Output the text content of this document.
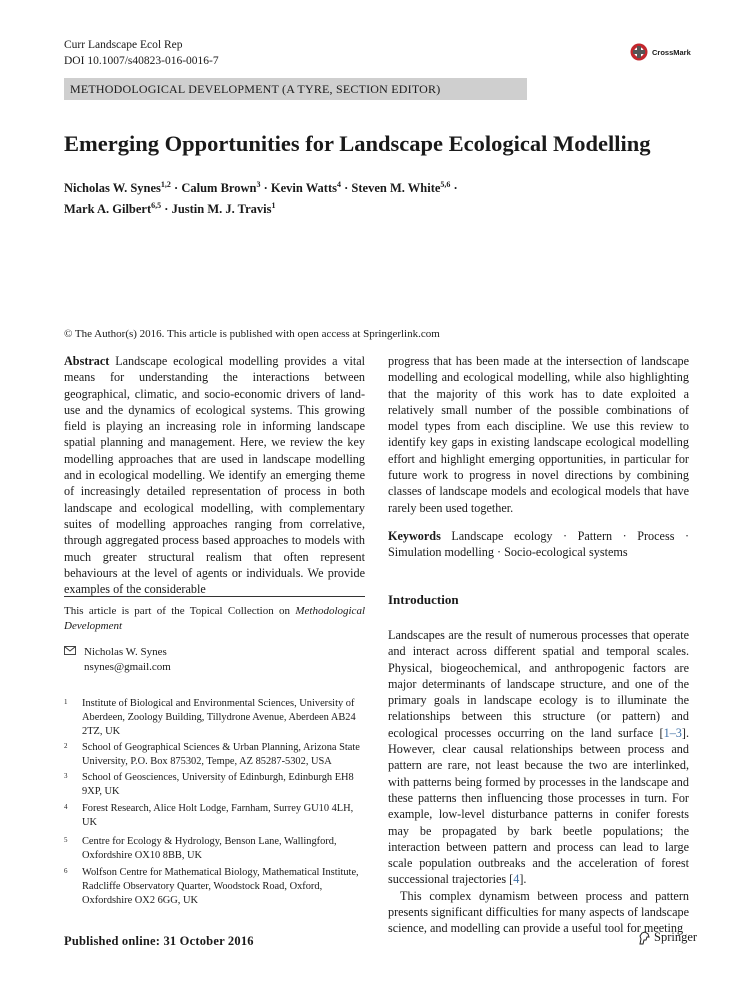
Curr Landscape Ecol Rep
DOI 10.1007/s40823-016-0016-7
CrossMark
METHODOLOGICAL DEVELOPMENT (A TYRE, SECTION EDITOR)
Emerging Opportunities for Landscape Ecological Modelling
Nicholas W. Synes$^{1,2}$ · Calum Brown$^3$ · Kevin Watts$^4$ · Steven M. White$^{5,6}$ ·
Mark A. Gilbert$^{6,5}$ · Justin M. J. Travis$^1$
© The Author(s) 2016. This article is published with open access at Springerlink.com
Abstract Landscape ecological modelling provides a vital means for understanding the interactions between geographical, climatic, and socio-economic drivers of land-use and the dynamics of ecological systems. This growing field is playing an increasing role in informing landscape spatial planning and management. Here, we review the key modelling approaches that are used in landscape modelling and in ecological modelling. We identify an emerging theme of increasingly detailed representation of process in both landscape and ecological modelling, with complementary suites of modelling approaches ranging from correlative, through aggregated process based approaches to models with much greater structural realism that often represent behaviours at the level of agents or individuals. We provide examples of the considerable
This article is part of the Topical Collection on Methodological Development
Nicholas W. Synes
nsynes@gmail.com
1 Institute of Biological and Environmental Sciences, University of Aberdeen, Zoology Building, Tillydrone Avenue, Aberdeen AB24 2TZ, UK
2 School of Geographical Sciences & Urban Planning, Arizona State University, P.O. Box 875302, Tempe, AZ 85287-5302, USA
3 School of Geosciences, University of Edinburgh, Edinburgh EH8 9XP, UK
4 Forest Research, Alice Holt Lodge, Farnham, Surrey GU10 4LH, UK
5 Centre for Ecology & Hydrology, Benson Lane, Wallingford, Oxfordshire OX10 8BB, UK
6 Wolfson Centre for Mathematical Biology, Mathematical Institute, Radcliffe Observatory Quarter, Woodstock Road, Oxford, Oxfordshire OX2 6GG, UK
progress that has been made at the intersection of landscape modelling and ecological modelling, while also highlighting that the majority of this work has to date exploited a relatively small number of the possible combinations of model types from each discipline. We use this review to identify key gaps in existing landscape ecological modelling effort and highlight emerging opportunities, in particular for future work to progress in novel directions by combining classes of landscape models and ecological models that have rarely been used together.
Keywords Landscape ecology · Pattern · Process · Simulation modelling · Socio-ecological systems
Introduction

Landscapes are the result of numerous processes that operate and interact across different spatial and temporal scales. Physical, biogeochemical, and anthropogenic factors are major determinants of landscape structure, and one of the primary goals in landscape ecology is to illuminate the relationships between this structure (or pattern) and ecological processes occurring on the land surface [1–3]. However, clear causal relationships between process and pattern are rare, not least because the two are interlinked, with patterns being formed by processes in the landscape and these patterns then influencing those processes in turn. For example, low-level disturbance patterns in conifer forests may be propagated by bark beetle populations; the interaction between pattern and process can lead to large scale population outbreaks and the acceleration of forest successional trajectories [4].

This complex dynamism between process and pattern presents significant difficulties for many aspects of landscape science, and modelling can provide a useful tool for meeting

Published online: 31 October 2016	Springer
